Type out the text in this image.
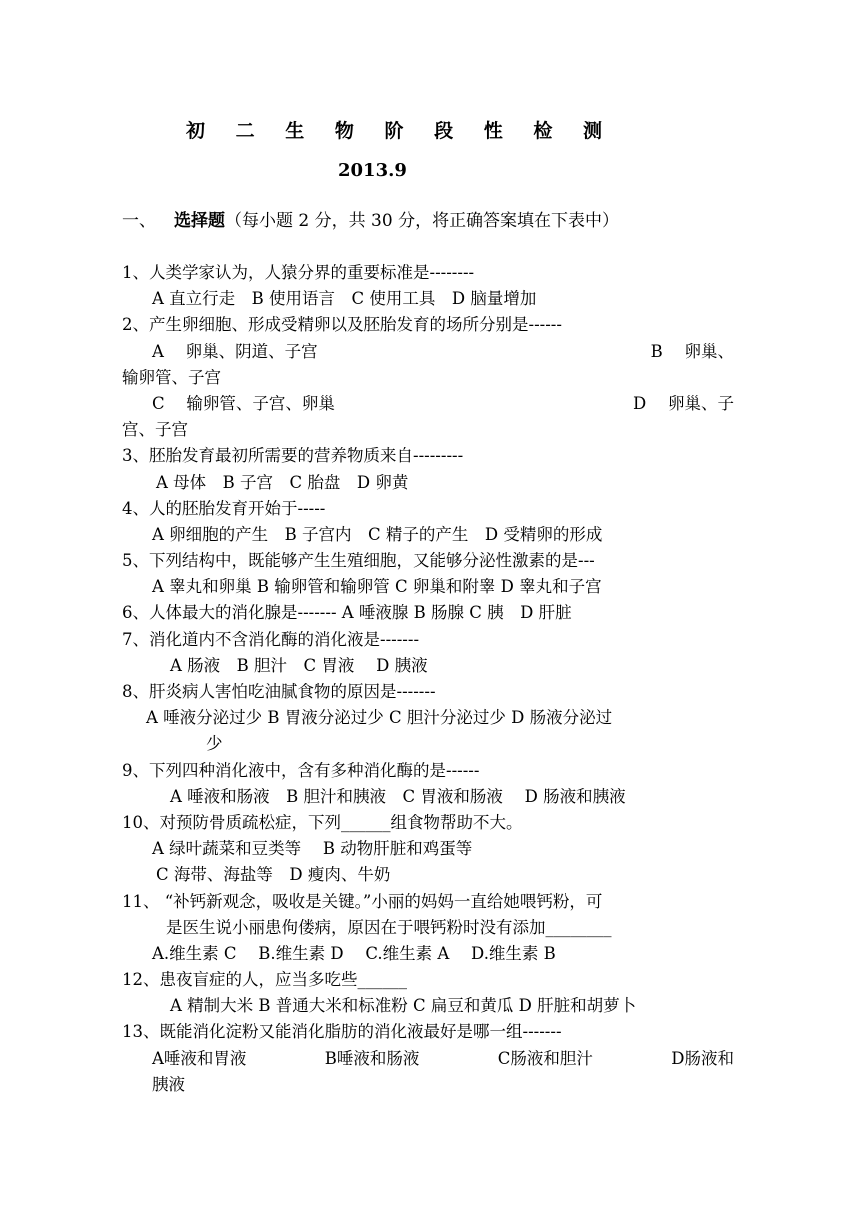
初 二 生 物 阶 段 性 检 测
2013.9
一、 选择题（每小题 2 分，共 30 分，将正确答案填在下表中）
1、人类学家认为，人猿分界的重要标准是--------
A 直立行走　B 使用语言　C 使用工具　D 脑量增加
2、产生卵细胞、形成受精卵以及胚胎发育的场所分别是------
A　 卵巢、阴道、子宫	B　 卵巢、
输卵管、子宫
C　 输卵管、子宫、卵巢	D　 卵巢、子
宫、子宫
3、胚胎发育最初所需要的营养物质来自---------
A 母体　B 子宫　C 胎盘　D 卵黄
4、人的胚胎发育开始于-----
A 卵细胞的产生　B 子宫内　C 精子的产生　D 受精卵的形成
5、下列结构中，既能够产生生殖细胞，又能够分泌性激素的是---
A 睾丸和卵巢 B 输卵管和输卵管 C 卵巢和附睾 D 睾丸和子宫
6、人体最大的消化腺是------- A 唾液腺 B 肠腺 C 胰　D 肝脏
7、消化道内不含消化酶的消化液是-------
A 肠液　B 胆汁　C 胃液　 D 胰液
8、肝炎病人害怕吃油腻食物的原因是-------
A 唾液分泌过少 B 胃液分泌过少 C 胆汁分泌过少 D 肠液分泌过
少
9、下列四种消化液中，含有多种消化酶的是------
A 唾液和肠液　B 胆汁和胰液　C 胃液和肠液　 D 肠液和胰液
10、对预防骨质疏松症，下列______组食物帮助不大。
A 绿叶蔬菜和豆类等　 B 动物肝脏和鸡蛋等
C 海带、海盐等　D 瘦肉、牛奶
11、 “补钙新观念，吸收是关键。”小丽的妈妈一直给她喂钙粉，可
是医生说小丽患佝偻病，原因在于喂钙粉时没有添加________
A.维生素 C　 B.维生素 D　 C.维生素 A　 D.维生素 B
12、患夜盲症的人，应当多吃些______
A 精制大米 B 普通大米和标准粉 C 扁豆和黄瓜 D 肝脏和胡萝卜
13、既能消化淀粉又能消化脂肪的消化液最好是哪一组-------
A唾液和胃液	B唾液和肠液	C肠液和胆汁	D肠液和
胰液
